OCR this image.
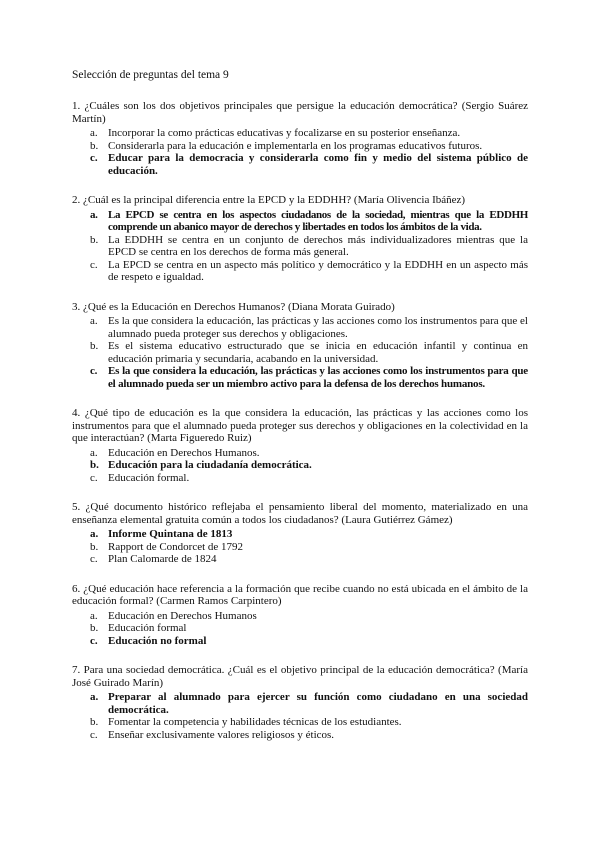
Selección de preguntas del tema 9
1. ¿Cuáles son los dos objetivos principales que persigue la educación democrática? (Sergio Suárez Martín)
a. Incorporar la como prácticas educativas y focalizarse en su posterior enseñanza.
b. Considerarla para la educación e implementarla en los programas educativos futuros.
c. Educar para la democracia y considerarla como fin y medio del sistema público de educación.
2. ¿Cuál es la principal diferencia entre la EPCD y la EDDHH? (María Olivencia Ibáñez)
a. La EPCD se centra en los aspectos ciudadanos de la sociedad, mientras que la EDDHH comprende un abanico mayor de derechos y libertades en todos los ámbitos de la vida.
b. La EDDHH se centra en un conjunto de derechos más individualizadores mientras que la EPCD se centra en los derechos de forma más general.
c. La EPCD se centra en un aspecto más político y democrático y la EDDHH en un aspecto más de respeto e igualdad.
3. ¿Qué es la Educación en Derechos Humanos? (Diana Morata Guirado)
a. Es la que considera la educación, las prácticas y las acciones como los instrumentos para que el alumnado pueda proteger sus derechos y obligaciones.
b. Es el sistema educativo estructurado que se inicia en educación infantil y continua en educación primaria y secundaria, acabando en la universidad.
c. Es la que considera la educación, las prácticas y las acciones como los instrumentos para que el alumnado pueda ser un miembro activo para la defensa de los derechos humanos.
4. ¿Qué tipo de educación es la que considera la educación, las prácticas y las acciones como los instrumentos para que el alumnado pueda proteger sus derechos y obligaciones en la colectividad en la que interactúan? (Marta Figueredo Ruiz)
a. Educación en Derechos Humanos.
b. Educación para la ciudadanía democrática.
c. Educación formal.
5. ¿Qué documento histórico reflejaba el pensamiento liberal del momento, materializado en una enseñanza elemental gratuita común a todos los ciudadanos? (Laura Gutiérrez Gámez)
a. Informe Quintana de 1813
b. Rapport de Condorcet de 1792
c. Plan Calomarde de 1824
6. ¿Qué educación hace referencia a la formación que recibe cuando no está ubicada en el ámbito de la educación formal? (Carmen Ramos Carpintero)
a. Educación en Derechos Humanos
b. Educación formal
c. Educación no formal
7. Para una sociedad democrática. ¿Cuál es el objetivo principal de la educación democrática? (María José Guirado Marín)
a. Preparar al alumnado para ejercer su función como ciudadano en una sociedad democrática.
b. Fomentar la competencia y habilidades técnicas de los estudiantes.
c. Enseñar exclusivamente valores religiosos y éticos.
